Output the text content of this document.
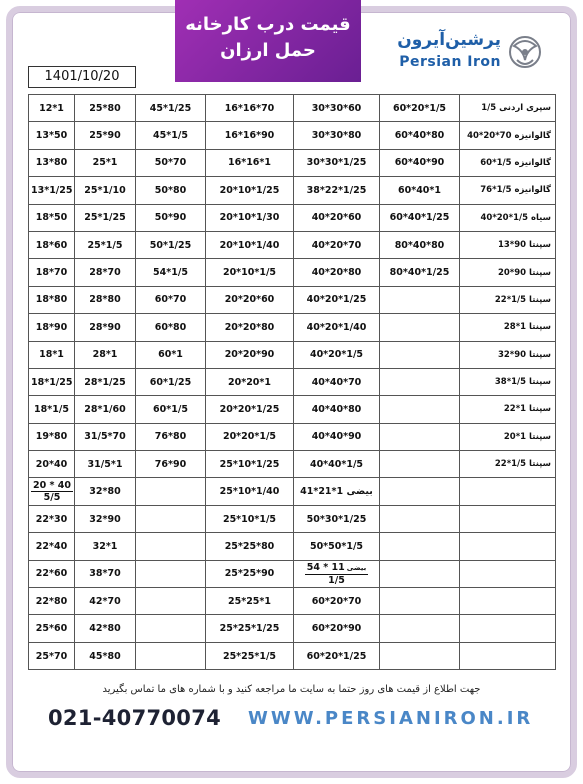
قیمت درب کارخانه
حمل ارزان	پرشین‌آیرون
Persian Iron
1401/10/20
سپری اردنی 1/5	60*20*1/5	30*30*60	16*16*70	45*1/25	25*80	12*1
گالوانیزه 70*20*40	60*40*80	30*30*80	16*16*90	45*1/5	25*90	13*50
گالوانیزه 1/5*60	60*40*90	30*30*1/25	16*16*1	50*70	25*1	13*80
گالوانیزه 1/5*76	60*40*1	38*22*1/25	20*10*1/25	50*80	25*1/10	13*1/25
سیاه 1/5*20*40	60*40*1/25	40*20*60	20*10*1/30	50*90	25*1/25	18*50
سپنتا 90*13	80*40*80	40*20*70	20*10*1/40	50*1/25	25*1/5	18*60
سپنتا 90*20	80*40*1/25	40*20*80	20*10*1/5	54*1/5	28*70	18*70
سپنتا 1/5*22		40*20*1/25	20*20*60	60*70	28*80	18*80
سپنتا 1*28		40*20*1/40	20*20*80	60*80	28*90	18*90
سپنتا 90*32		40*20*1/5	20*20*90	60*1	28*1	18*1
سپنتا 1/5*38		40*40*70	20*20*1	60*1/25	28*1/25	18*1/25
سپنتا 1*22		40*40*80	20*20*1/25	60*1/5	28*1/60	18*1/5
سپنتا 1*20		40*40*90	20*20*1/5	76*80	31/5*70	19*80
سپنتا 1/5*22		40*40*1/5	25*10*1/25	76*90	31/5*1	20*40
		بیضی 1*21*41	25*10*1/40		32*80	$\frac{20 * 40}{5/5}$

		50*30*1/25	25*10*1/5		32*90	22*30
		50*50*1/5	25*25*80		32*1	22*40

		$\frac{\text{54 * 11 بیضی}}{1/5}$	25*25*90		38*70	22*60
		60*20*70	25*25*1		42*70	22*80
		60*20*90	25*25*1/25		42*80	25*60
		60*20*1/25	25*25*1/5		45*80	25*70
جهت اطلاع از قیمت های روز حتما به سایت ما مراجعه کنید و با شماره های ما تماس بگیرید
021-40770074 WWW.PERSIANIRON.IR
